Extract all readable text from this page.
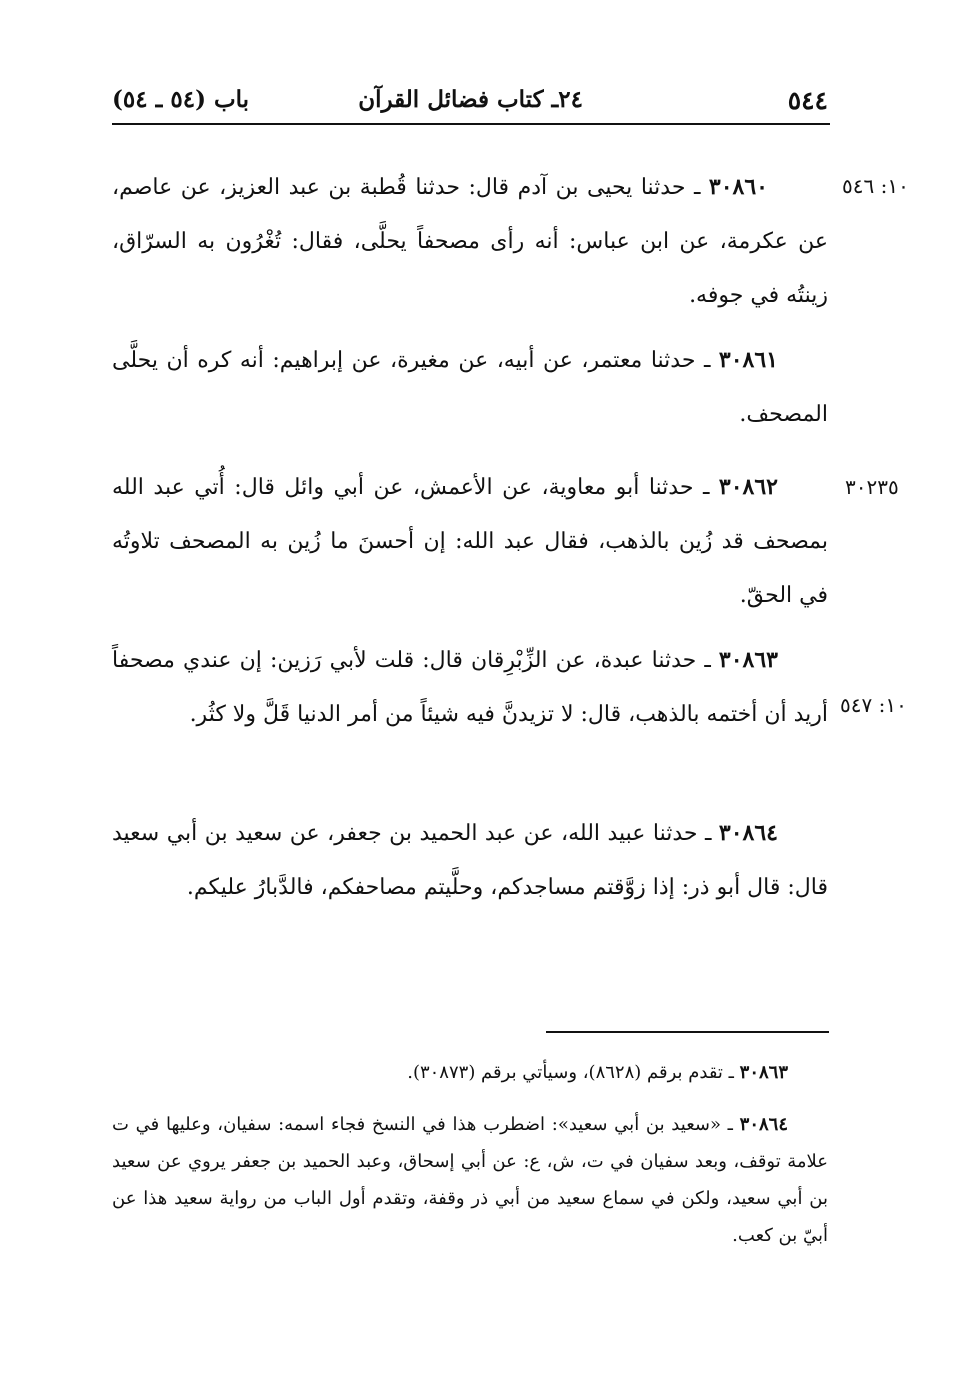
٥٤٤
٢٤ـ كتاب فضائل القرآن
باب (٥٤ ـ ٥٤)
١٠: ٥٤٦
٣٠٢٣٥
١٠: ٥٤٧
٣٠٨٦٠ ـ حدثنا يحيى بن آدم قال: حدثنا قُطبة بن عبد العزيز، عن عاصم، عن عكرمة، عن ابن عباس: أنه رأى مصحفاً يحلَّى، فقال: تُغْرُون به السرّاق، زينتُه في جوفه.
٣٠٨٦١ ـ حدثنا معتمر، عن أبيه، عن مغيرة، عن إبراهيم: أنه كره أن يحلَّى المصحف.
٣٠٨٦٢ ـ حدثنا أبو معاوية، عن الأعمش، عن أبي وائل قال: أُتي عبد الله بمصحف قد زُين بالذهب، فقال عبد الله: إن أحسنَ ما زُين به المصحف تلاوتُه في الحقّ.
٣٠٨٦٣ ـ حدثنا عبدة، عن الزِّبْرِقان قال: قلت لأبي رَزين: إن عندي مصحفاً أريد أن أختمه بالذهب، قال: لا تزيدنَّ فيه شيئاً من أمر الدنيا قَلَّ ولا كثُر.
٣٠٨٦٤ ـ حدثنا عبيد الله، عن عبد الحميد بن جعفر، عن سعيد بن أبي سعيد قال: قال أبو ذر: إذا زوَّقتم مساجدكم، وحلَّيتم مصاحفكم، فالدَّبارُ عليكم.
٣٠٨٦٣ ـ تقدم برقم (٨٦٢٨)، وسيأتي برقم (٣٠٨٧٣).
٣٠٨٦٤ ـ «سعيد بن أبي سعيد»: اضطرب هذا في النسخ فجاء اسمه: سفيان، وعليها في ت علامة توقف، وبعد سفيان في ت، ش، ع: عن أبي إسحاق، وعبد الحميد بن جعفر يروي عن سعيد بن أبي سعيد، ولكن في سماع سعيد من أبي ذر وقفة، وتقدم أول الباب من رواية سعيد هذا عن أبيّ بن كعب.
